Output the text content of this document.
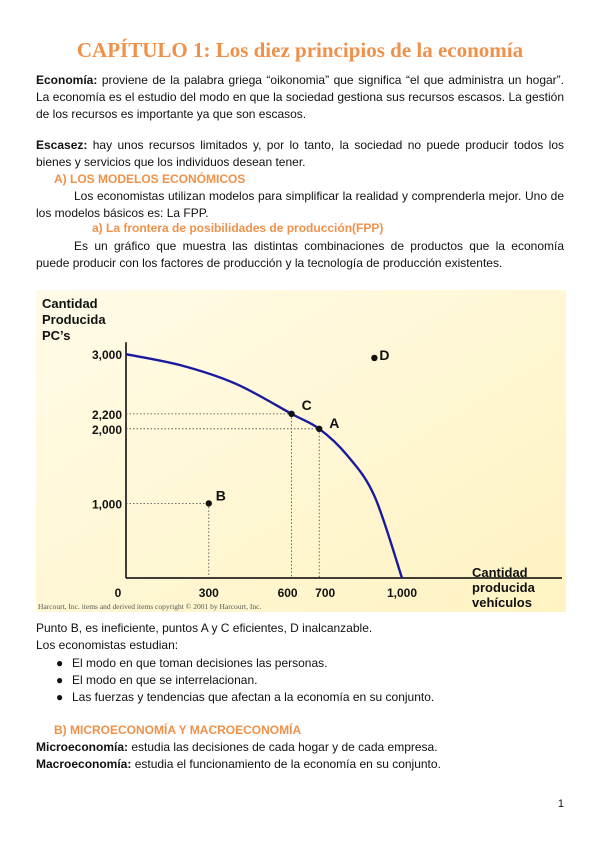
CAPÍTULO 1: Los diez principios de la economía
Economía: proviene de la palabra griega “oikonomia” que significa “el que administra un hogar”. La economía es el estudio del modo en que la sociedad gestiona sus recursos escasos. La gestión de los recursos es importante ya que son escasos.
Escasez: hay unos recursos limitados y, por lo tanto, la sociedad no puede producir todos los bienes y servicios que los individuos desean tener.
A) LOS MODELOS ECONÓMICOS
Los economistas utilizan modelos para simplificar la realidad y comprenderla mejor. Uno de los modelos básicos es: La FPP.
a) La frontera de posibilidades de producción(FPP)
Es un gráfico que muestra las distintas combinaciones de productos que la economía puede producir con los factores de producción y la tecnología de producción existentes.
Cantidad
Producida
PC’s
Cantidad
producida
vehículos
1,000
2,000
2,200
3,000
0	300	600 700	1,000
A
B
C
D
Harcourt, Inc. items and derived items copyright © 2001 by Harcourt, Inc.
Punto B, es ineficiente, puntos A y C eficientes, D inalcanzable.
Los economistas estudian:
● El modo en que toman decisiones las personas.
● El modo en que se interrelacionan.
● Las fuerzas y tendencias que afectan a la economía en su conjunto.
B) MICROECONOMÍA Y MACROECONOMÍA
Microeconomía: estudia las decisiones de cada hogar y de cada empresa.
Macroeconomía: estudia el funcionamiento de la economía en su conjunto.
1
